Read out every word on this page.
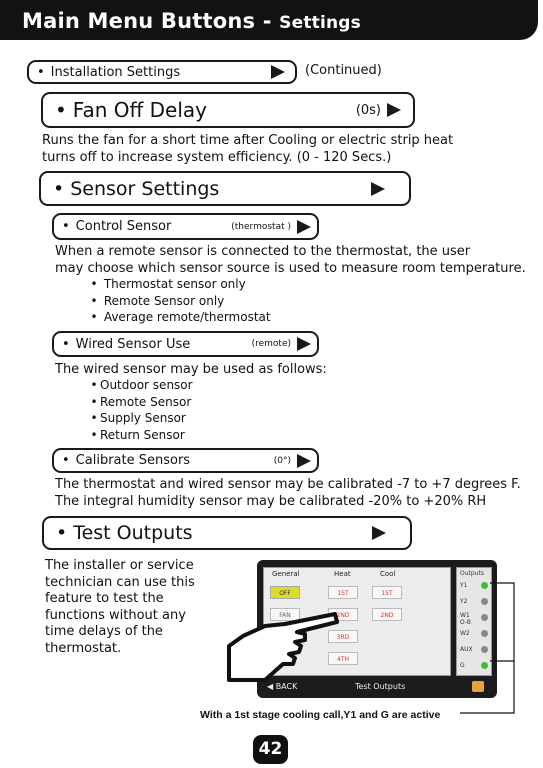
Main Menu Buttons - Settings
• Installation Settings	(Continued)
• Fan Off Delay	(0s)
Runs the fan for a short time after Cooling or electric strip heat
turns off to increase system efficiency. (0 - 120 Secs.)
• Sensor Settings
• Control Sensor	(thermostat )
When a remote sensor is connected to the thermostat, the user
may choose which sensor source is used to measure room temperature.
• Thermostat sensor only
• Remote Sensor only
• Average remote/thermostat
• Wired Sensor Use	(remote)
The wired sensor may be used as follows:
• Outdoor sensor
• Remote Sensor
• Supply Sensor
• Return Sensor
• Calibrate Sensors	(0°)
The thermostat and wired sensor may be calibrated -7 to +7 degrees F.
The integral humidity sensor may be calibrated -20% to +20% RH
• Test Outputs
The installer or service
technician can use this
feature to test the
functions without any
time delays of the
thermostat.
General	Heat	Cool
OFF
FAN
1ST
2ND
3RD
4TH
1ST
2ND
Outputs
Y1
Y2
W1 O-B
W2
AUX
G
◀ BACK	Test Outputs
With a 1st stage cooling call,Y1 and G are active
42
